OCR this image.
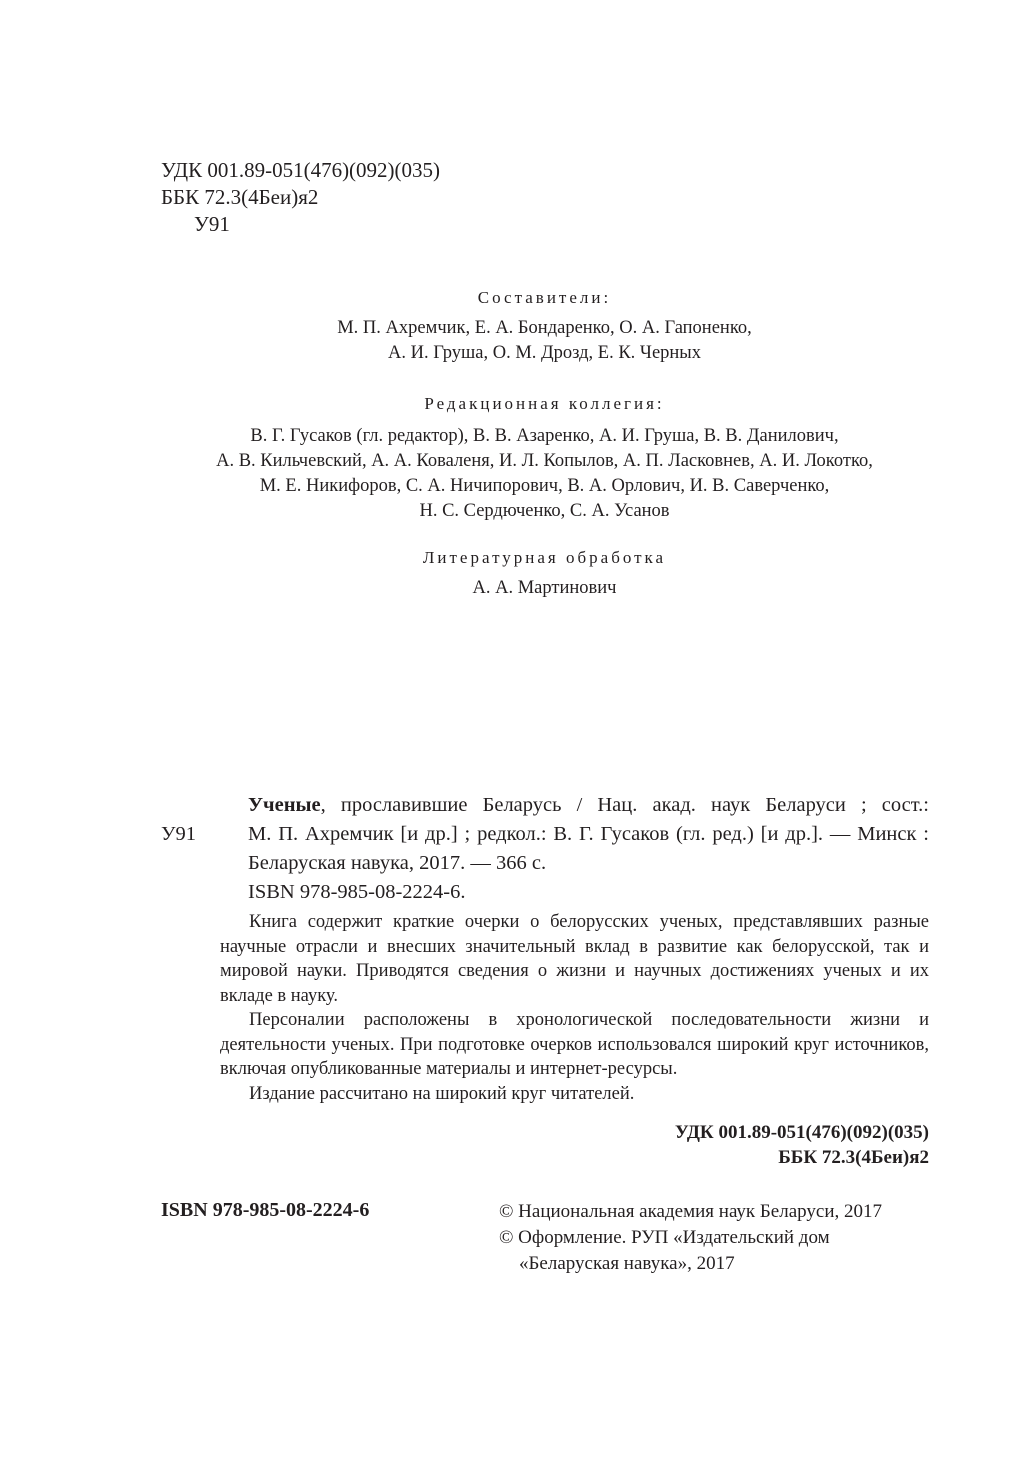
УДК 001.89-051(476)(092)(035)
ББК 72.3(4Беи)я2
У91
Составители:
М. П. Ахремчик, Е. А. Бондаренко, О. А. Гапоненко,
А. И. Груша, О. М. Дрозд, Е. К. Черных
Редакционная коллегия:
В. Г. Гусаков (гл. редактор), В. В. Азаренко, А. И. Груша, В. В. Данилович,
А. В. Кильчевский, А. А. Коваленя, И. Л. Копылов, А. П. Ласковнев, А. И. Локотко,
М. Е. Никифоров, С. А. Ничипорович, В. А. Орлович, И. В. Саверченко,
Н. С. Сердюченко, С. А. Усанов
Литературная обработка
А. А. Мартинович
У91
Ученые, прославившие Беларусь / Нац. акад. наук Беларуси ; сост.:
М. П. Ахремчик [и др.] ; редкол.: В. Г. Гусаков (гл. ред.) [и др.]. — Минск :
Беларуская навука, 2017. — 366 с.
ISBN 978-985-08-2224-6.

Книга содержит краткие очерки о белорусских ученых, представлявших разные научные отрасли и внесших значительный вклад в развитие как белорусской, так и мировой науки. Приводятся сведения о жизни и научных достижениях ученых и их вкладе в науку.

Персоналии расположены в хронологической последовательности жизни и деятельности ученых. При подготовке очерков использовался широкий круг источников, включая опубликованные материалы и интернет-ресурсы.

Издание рассчитано на широкий круг читателей.

УДК 001.89-051(476)(092)(035)
ББК 72.3(4Беи)я2
ISBN 978-985-08-2224-6	© Национальная академия наук Беларуси, 2017
© Оформление. РУП «Издательский дом
«Беларуская навука», 2017
